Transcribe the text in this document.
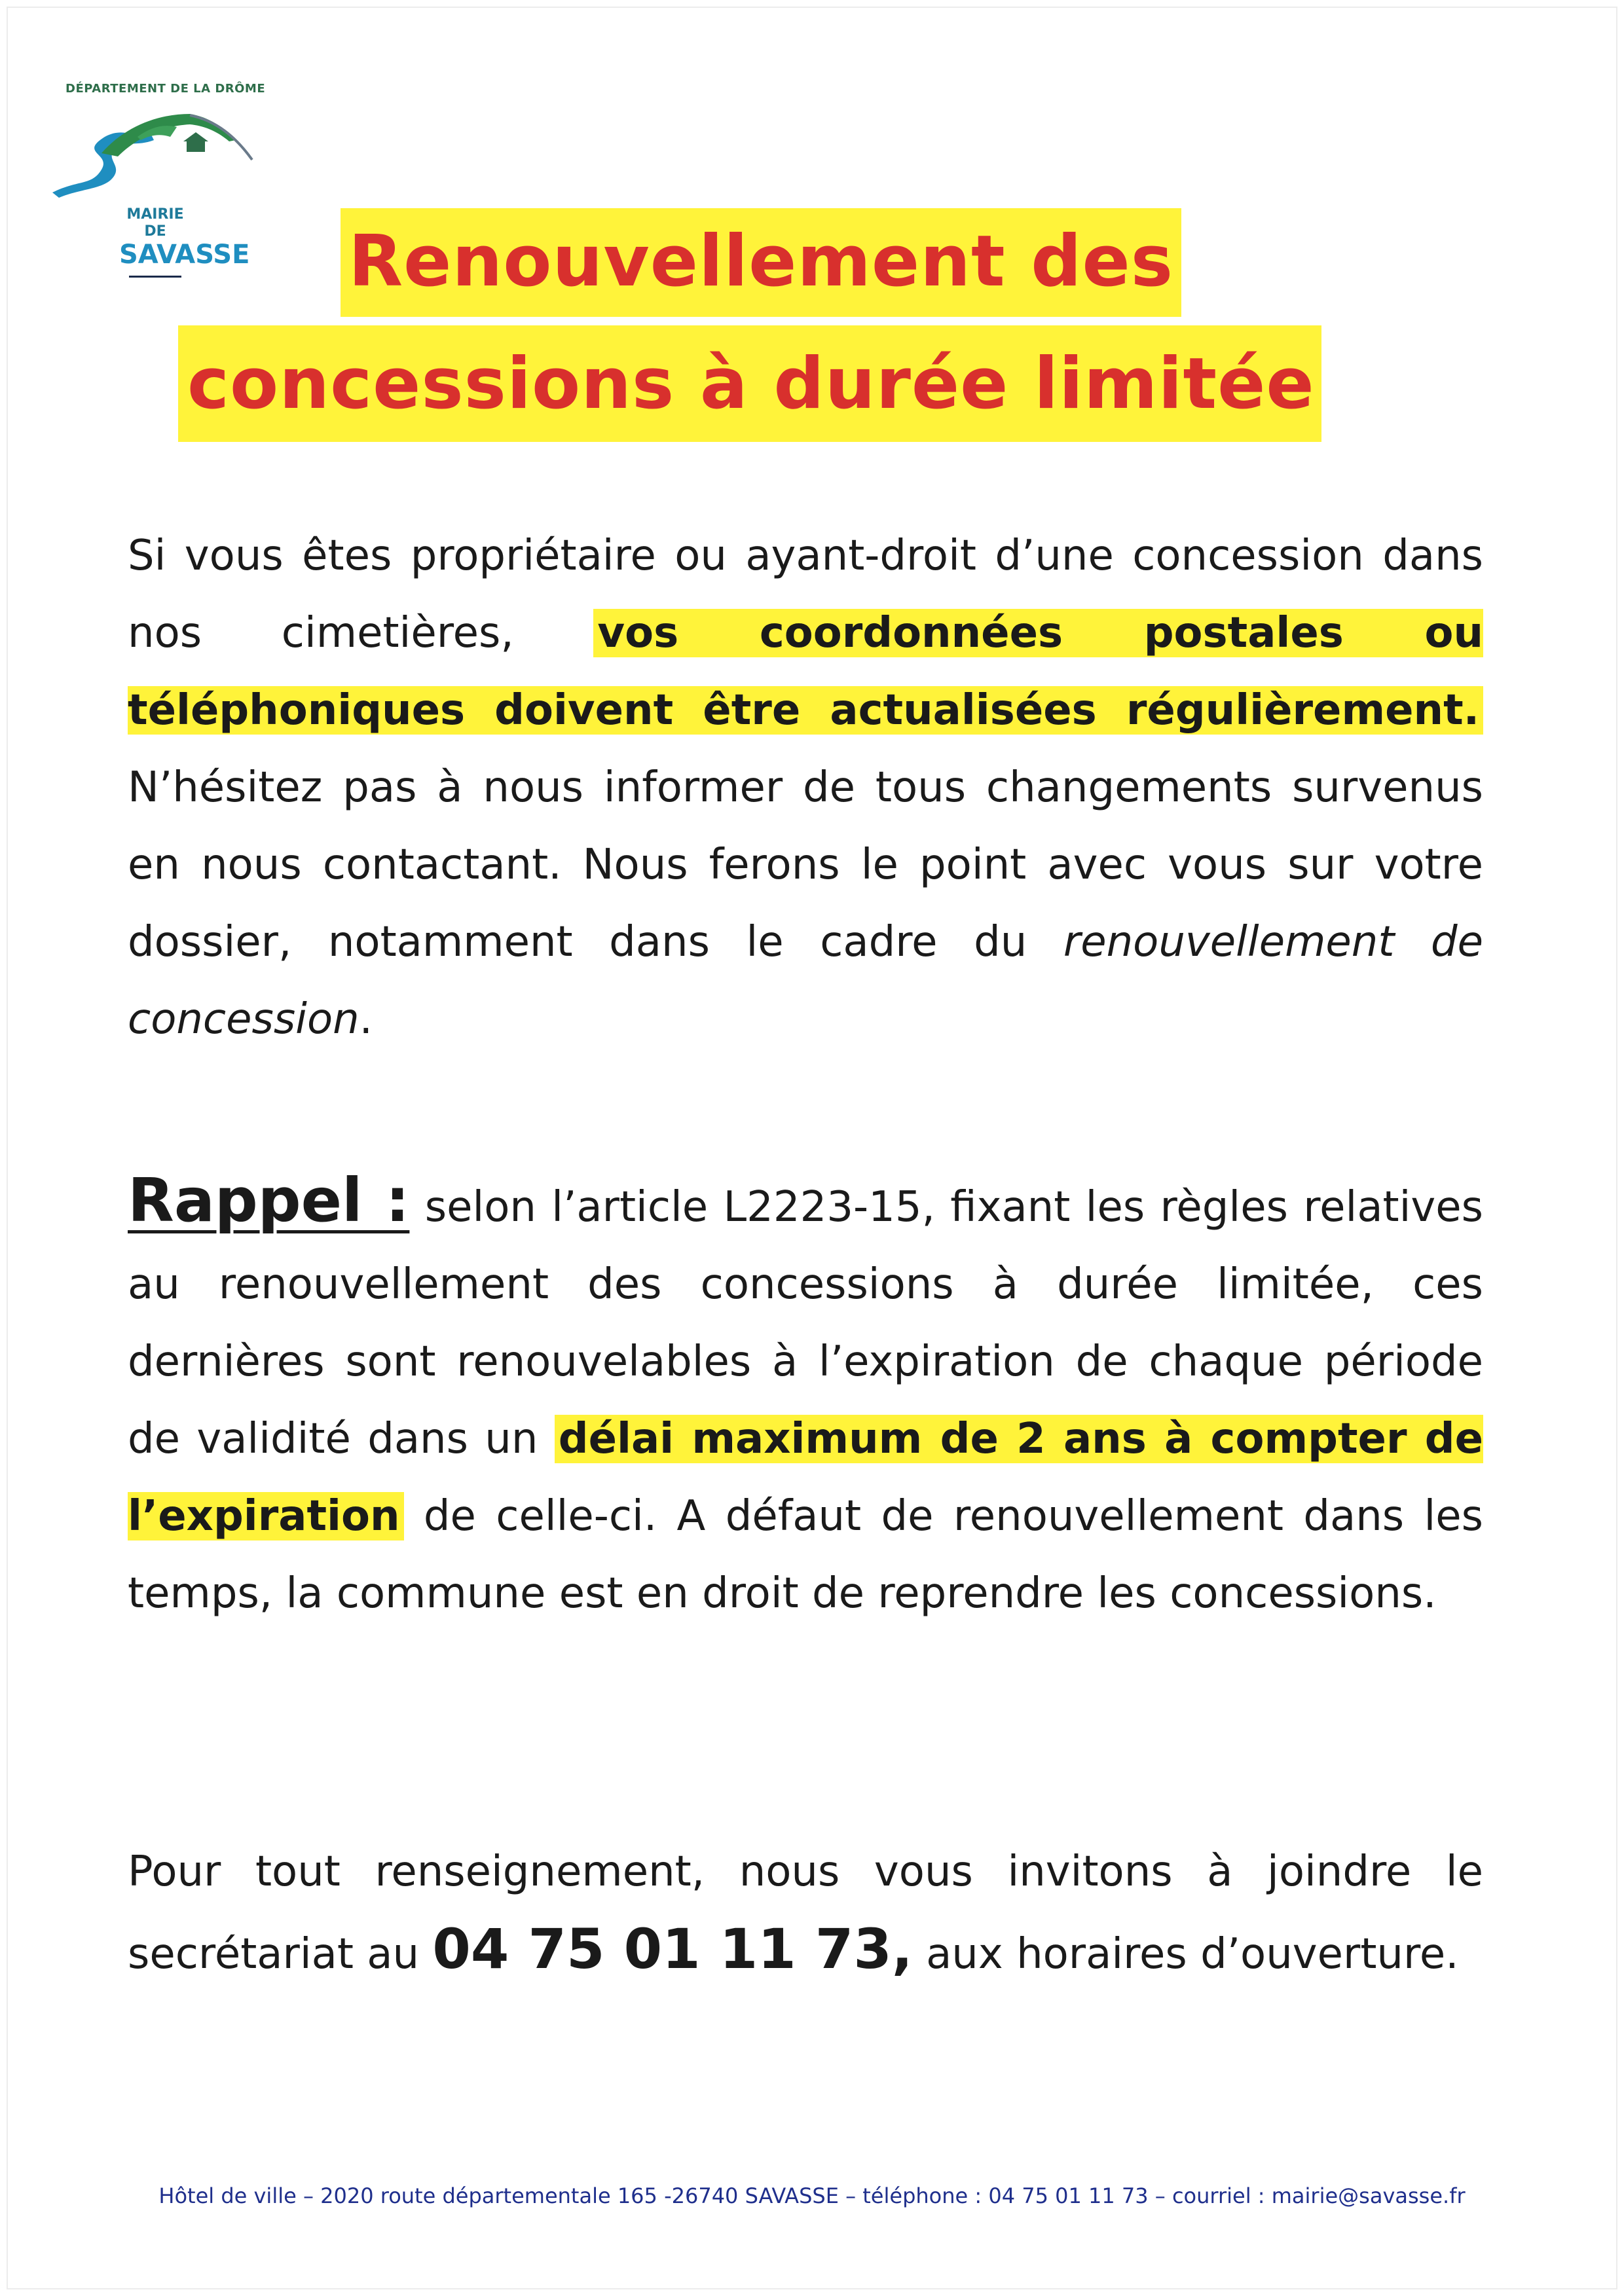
DÉPARTEMENT DE LA DRÔME
MAIRIE
DE
SAVASSE Renouvellement des
concessions à durée limitée
Si vous êtes propriétaire ou ayant-droit d’une concession dans nos cimetières, vos coordonnées postales ou téléphoniques doivent être actualisées régulièrement. N’hésitez pas à nous informer de tous changements survenus en nous contactant. Nous ferons le point avec vous sur votre dossier, notamment dans le cadre du renouvellement de concession.
Rappel : selon l’article L2223-15, fixant les règles relatives au renouvellement des concessions à durée limitée, ces dernières sont renouvelables à l’expiration de chaque période de validité dans un délai maximum de 2 ans à compter de l’expiration de celle-ci. A défaut de renouvellement dans les temps, la commune est en droit de reprendre les concessions.
Pour tout renseignement, nous vous invitons à joindre le secrétariat au 04 75 01 11 73, aux horaires d’ouverture.
Hôtel de ville – 2020 route départementale 165 -26740 SAVASSE – téléphone : 04 75 01 11 73 – courriel : mairie@savasse.fr
